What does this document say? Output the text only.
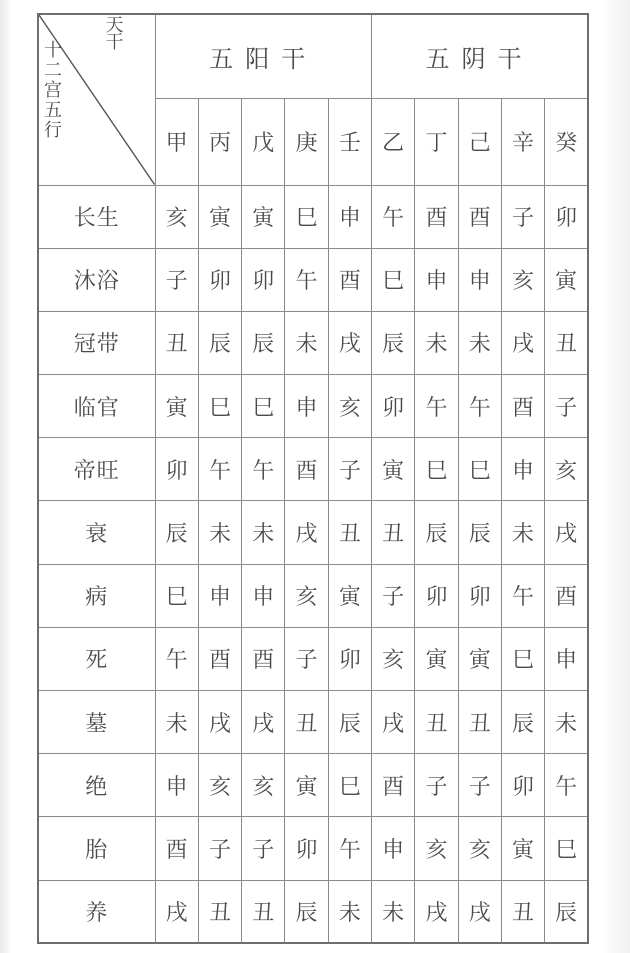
天干
十二宫五行	五阳干					五阴干				
	甲	丙	戊	庚	壬	乙	丁	己	辛	癸
长生	亥	寅	寅	巳	申	午	酉	酉	子	卯
沐浴	子	卯	卯	午	酉	巳	申	申	亥	寅
冠带	丑	辰	辰	未	戌	辰	未	未	戌	丑
临官	寅	巳	巳	申	亥	卯	午	午	酉	子
帝旺	卯	午	午	酉	子	寅	巳	巳	申	亥
衰	辰	未	未	戌	丑	丑	辰	辰	未	戌
病	巳	申	申	亥	寅	子	卯	卯	午	酉
死	午	酉	酉	子	卯	亥	寅	寅	巳	申
墓	未	戌	戌	丑	辰	戌	丑	丑	辰	未
绝	申	亥	亥	寅	巳	酉	子	子	卯	午
胎	酉	子	子	卯	午	申	亥	亥	寅	巳
养	戌	丑	丑	辰	未	未	戌	戌	丑	辰
